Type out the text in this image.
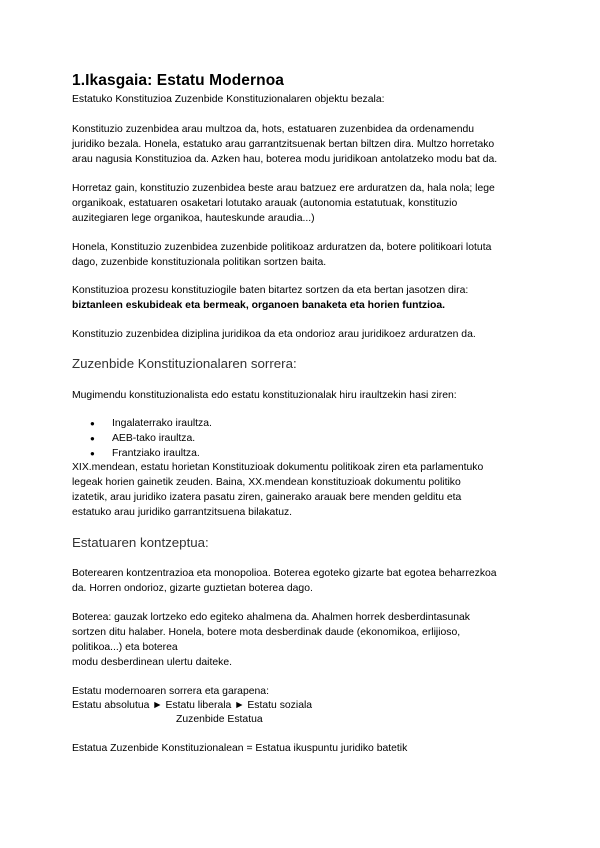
1.Ikasgaia: Estatu Modernoa

Estatuko Konstituzioa Zuzenbide Konstituzionalaren objektu bezala:

Konstituzio zuzenbidea arau multzoa da, hots, estatuaren zuzenbidea da ordenamendu

juridiko bezala. Honela, estatuko arau garrantzitsuenak bertan biltzen dira. Multzo horretako

arau nagusia Konstituzioa da. Azken hau, boterea modu juridikoan antolatzeko modu bat da.

Horretaz gain, konstituzio zuzenbidea beste arau batzuez ere arduratzen da, hala nola; lege

organikoak, estatuaren osaketari lotutako arauak (autonomia estatutuak, konstituzio

auzitegiaren lege organikoa, hauteskunde araudia...)

Honela, Konstituzio zuzenbidea zuzenbide politikoaz arduratzen da, botere politikoari lotuta

dago, zuzenbide konstituzionala politikan sortzen baita.

Konstituzioa prozesu konstituziogile baten bitartez sortzen da eta bertan jasotzen dira:

biztanleen eskubideak eta bermeak, organoen banaketa eta horien funtzioa.

Konstituzio zuzenbidea diziplina juridikoa da eta ondorioz arau juridikoez arduratzen da.

Zuzenbide Konstituzionalaren sorrera:

Mugimendu konstituzionalista edo estatu konstituzionalak hiru iraultzekin hasi ziren:

● Ingalaterrako iraultza.
● AEB-tako iraultza.
● Frantziako iraultza.

XIX.mendean, estatu horietan Konstituzioak dokumentu politikoak ziren eta parlamentuko

legeak horien gainetik zeuden. Baina, XX.mendean konstituzioak dokumentu politiko

izatetik, arau juridiko izatera pasatu ziren, gainerako arauak bere menden gelditu eta

estatuko arau juridiko garrantzitsuena bilakatuz.

Estatuaren kontzeptua:

Boterearen kontzentrazioa eta monopolioa. Boterea egoteko gizarte bat egotea beharrezkoa

da. Horren ondorioz, gizarte guztietan boterea dago.

Boterea: gauzak lortzeko edo egiteko ahalmena da. Ahalmen horrek desberdintasunak

sortzen ditu halaber. Honela, botere mota desberdinak daude (ekonomikoa, erlijioso,

politikoa...) eta boterea

modu desberdinean ulertu daiteke.

Estatu modernoaren sorrera eta garapena:

Estatu absolutua ► Estatu liberala ► Estatu soziala

Zuzenbide Estatua

Estatua Zuzenbide Konstituzionalean = Estatua ikuspuntu juridiko batetik
